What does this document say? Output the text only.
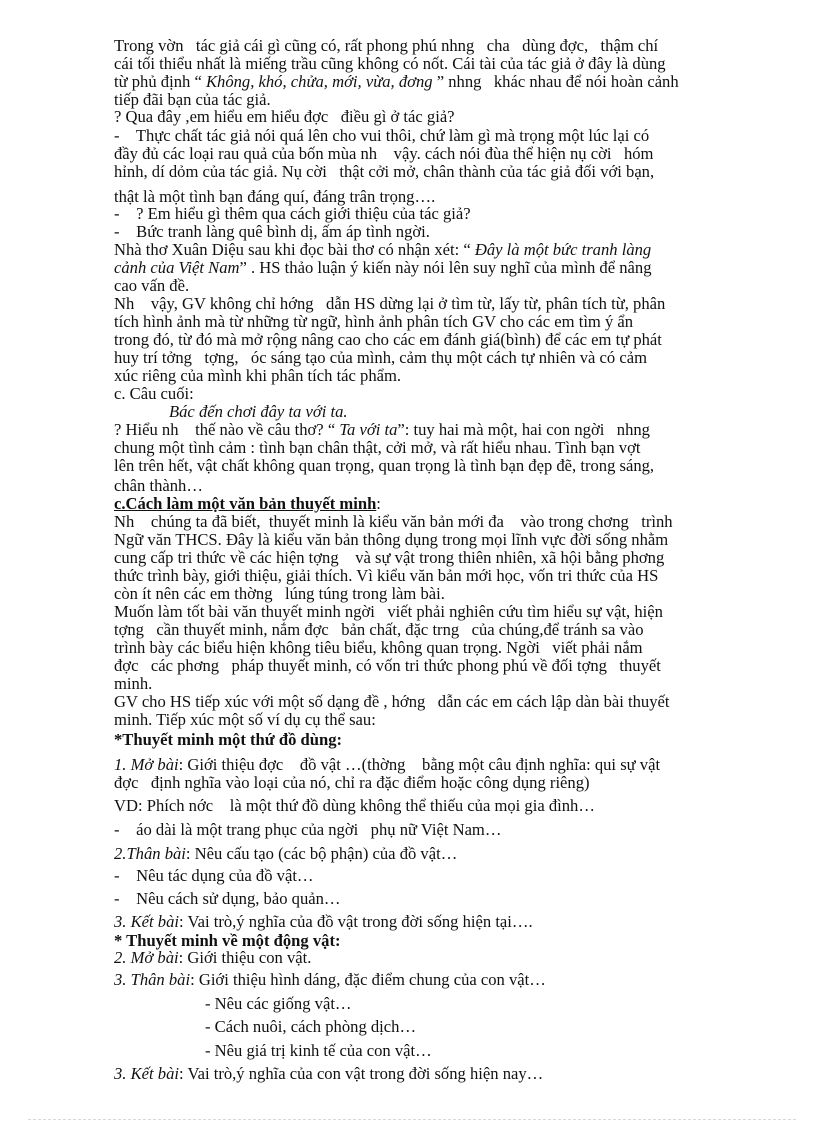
Trong vờn   tác giả cái gì cũng có, rất phong phú nhng   cha   dùng đợc,   thậm chí
cái tối thiểu nhất là miếng trầu cũng không có nốt. Cái tài của tác giả ở đây là dùng
từ phủ định “ Không, khó, chửa, mới, vừa, đơng ” nhng   khác nhau để nói hoàn cảnh
tiếp đãi bạn của tác giả.
? Qua đây ,em hiểu em hiểu đợc   điều gì ở tác giả?
-    Thực chất tác giả nói quá lên cho vui thôi, chứ làm gì mà trọng một lúc lại có
đầy đủ các loại rau quả của bốn mùa nh    vậy. cách nói đùa thể hiện nụ cời   hóm
hỉnh, dí dỏm của tác giả. Nụ cời   thật cởi mở, chân thành của tác giả đối với bạn,
thật là một tình bạn đáng quí, đáng trân trọng….
-    ? Em hiểu gì thêm qua cách giới thiệu của tác giả?
-    Bức tranh làng quê bình dị, ấm áp tình ngời.
Nhà thơ Xuân Diệu sau khi đọc bài thơ có nhận xét: “ Đây là một bức tranh làng
cảnh của Việt Nam” . HS thảo luận ý kiến này nói lên suy nghĩ của mình để nâng
cao vấn đề.
Nh    vậy, GV không chỉ hớng   dẫn HS dừng lại ở tìm từ, lấy từ, phân tích từ, phân
tích hình ảnh mà từ những từ ngữ, hình ảnh phân tích GV cho các em tìm ý ẩn
trong đó, từ đó mà mở rộng nâng cao cho các em đánh giá(bình) để các em tự phát
huy trí tởng   tợng,   óc sáng tạo của mình, cảm thụ một cách tự nhiên và có cảm
xúc riêng của mình khi phân tích tác phẩm.
c. Câu cuối:
Bác đến chơi đây ta với ta.
? Hiểu nh    thế nào về câu thơ? “ Ta với ta”: tuy hai mà một, hai con ngời   nhng
chung một tình cảm : tình bạn chân thật, cởi mở, và rất hiểu nhau. Tình bạn vợt
lên trên hết, vật chất không quan trọng, quan trọng là tình bạn đẹp đẽ, trong sáng,
chân thành…
c.Cách làm một văn bản thuyết minh:
Nh    chúng ta đã biết,  thuyết minh là kiểu văn bản mới đa    vào trong chơng   trình
Ngữ văn THCS. Đây là kiểu văn bản thông dụng trong mọi lĩnh vực đời sống nhằm
cung cấp tri thức về các hiện tợng    và sự vật trong thiên nhiên, xã hội bằng phơng
thức trình bày, giới thiệu, giải thích. Vì kiểu văn bản mới học, vốn tri thức của HS
còn ít nên các em thờng   lúng túng trong làm bài.
Muốn làm tốt bài văn thuyết minh ngời   viết phải nghiên cứu tìm hiểu sự vật, hiện
tợng   cần thuyết minh, nắm đợc   bản chất, đặc trng   của chúng,để tránh sa vào
trình bày các biểu hiện không tiêu biểu, không quan trọng. Ngời   viết phải nắm
đợc   các phơng   pháp thuyết minh, có vốn tri thức phong phú về đối tợng   thuyết
minh.
GV cho HS tiếp xúc với một số dạng đề , hớng   dẫn các em cách lập dàn bài thuyết
minh. Tiếp xúc một số ví dụ cụ thể sau:
*Thuyết minh một thứ đồ dùng:
1. Mở bài: Giới thiệu đợc    đồ vật …(thờng    bằng một câu định nghĩa: qui sự vật
đợc   định nghĩa vào loại của nó, chỉ ra đặc điểm hoặc công dụng riêng)
VD: Phích nớc    là một thứ đồ dùng không thể thiếu của mọi gia đình…
-    áo dài là một trang phục của ngời   phụ nữ Việt Nam…
2.Thân bài: Nêu cấu tạo (các bộ phận) của đồ vật…
-    Nêu tác dụng của đồ vật…
-    Nêu cách sử dụng, bảo quản…
3. Kết bài: Vai trò,ý nghĩa của đồ vật trong đời sống hiện tại….
* Thuyết minh về một động vật:
2. Mở bài: Giới thiệu con vật.
3. Thân bài: Giới thiệu hình dáng, đặc điểm chung của con vật…
- Nêu các giống vật…
- Cách nuôi, cách phòng dịch…
- Nêu giá trị kinh tế của con vật…
3. Kết bài: Vai trò,ý nghĩa của con vật trong đời sống hiện nay…
